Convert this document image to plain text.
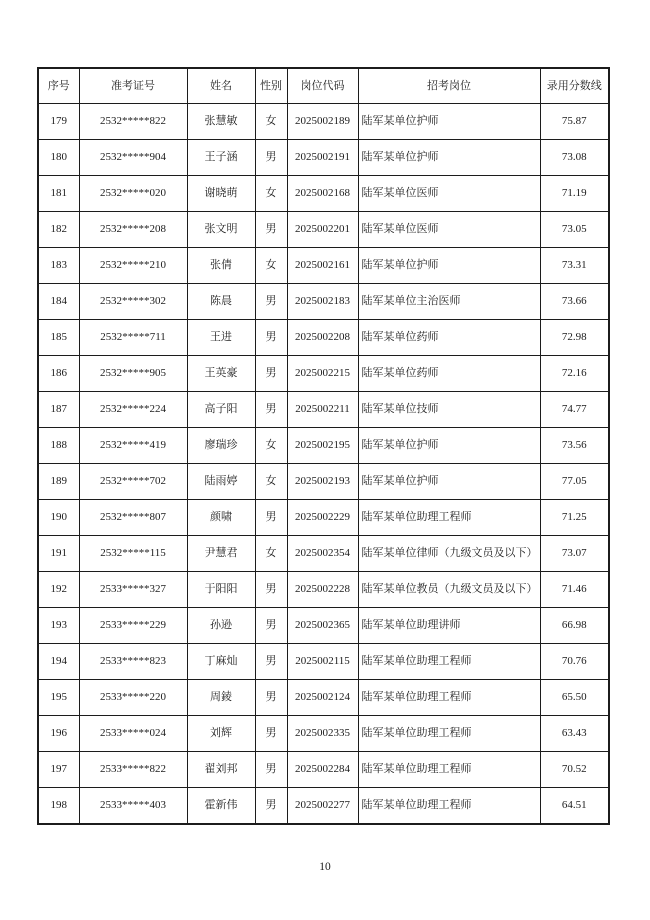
序号	准考证号	姓名	性别	岗位代码	招考岗位	录用分数线
179	2532*****822	张慧敏	女	2025002189	陆军某单位护师	75.87
180	2532*****904	王子涵	男	2025002191	陆军某单位护师	73.08
181	2532*****020	谢晓萌	女	2025002168	陆军某单位医师	71.19
182	2532*****208	张文明	男	2025002201	陆军某单位医师	73.05
183	2532*****210	张倩	女	2025002161	陆军某单位护师	73.31
184	2532*****302	陈晨	男	2025002183	陆军某单位主治医师	73.66
185	2532*****711	王进	男	2025002208	陆军某单位药师	72.98
186	2532*****905	王英豪	男	2025002215	陆军某单位药师	72.16
187	2532*****224	高子阳	男	2025002211	陆军某单位技师	74.77
188	2532*****419	廖瑞珍	女	2025002195	陆军某单位护师	73.56
189	2532*****702	陆雨婷	女	2025002193	陆军某单位护师	77.05
190	2532*****807	颜啸	男	2025002229	陆军某单位助理工程师	71.25
191	2532*****115	尹慧君	女	2025002354	陆军某单位律师（九级文员及以下）	73.07
192	2533*****327	于阳阳	男	2025002228	陆军某单位教员（九级文员及以下）	71.46
193	2533*****229	孙逊	男	2025002365	陆军某单位助理讲师	66.98
194	2533*****823	丁麻灿	男	2025002115	陆军某单位助理工程师	70.76
195	2533*****220	周錂	男	2025002124	陆军某单位助理工程师	65.50
196	2533*****024	刘辉	男	2025002335	陆军某单位助理工程师	63.43
197	2533*****822	翟刘邦	男	2025002284	陆军某单位助理工程师	70.52
198	2533*****403	霍新伟	男	2025002277	陆军某单位助理工程师	64.51
10
